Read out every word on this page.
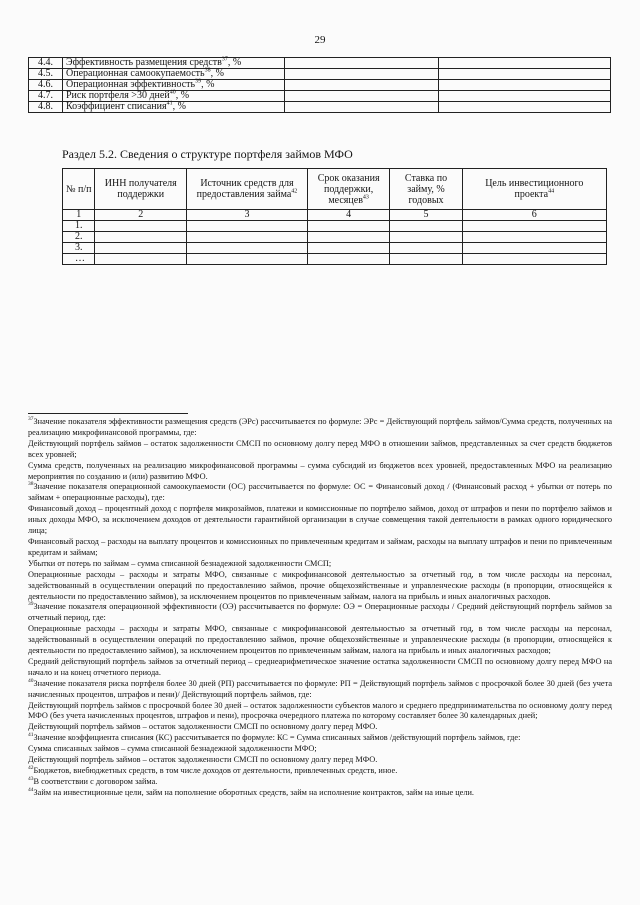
29
4.4.	Эффективность размещения средств$^{37}$, %		
4.5.	Операционная самоокупаемость$^{38}$, %		
4.6.	Операционная эффективность$^{39}$, %		
4.7.	Риск портфеля >30 дней$^{40}$, %		
4.8.	Коэффициент списания$^{41}$, %		
Раздел 5.2. Сведения о структуре портфеля займов МФО
№ п/п	ИНН получателя поддержки	Источник средств для предоставления займа$^{42}$	Срок оказания поддержки, месяцев$^{43}$	Ставка по займу, % годовых	Цель инвестиционного проекта$^{44}$
1	2	3	4	5	6
1.					
2.					
3.					
…					

$^{37}$Значение показателя эффективности размещения средств (ЭРс) рассчитывается по формуле: ЭРс = Действующий портфель займов/Сумма средств, полученных на реализацию микрофинансовой программы, где:

Действующий портфель займов – остаток задолженности СМСП по основному долгу перед МФО в отношении займов, представленных за счет средств бюджетов всех уровней;

Сумма средств, полученных на реализацию микрофинансовой программы – сумма субсидий из бюджетов всех уровней, предоставленных МФО на реализацию мероприятия по созданию и (или) развитию МФО.

$^{38}$Значение показателя операционной самоокупаемости (ОС) рассчитывается по формуле: ОС = Финансовый доход / (Финансовый расход + убытки от потерь по займам + операционные расходы), где:

Финансовый доход – процентный доход с портфеля микрозаймов, платежи и комиссионные по портфелю займов, доход от штрафов и пени по портфелю займов и иных доходы МФО, за исключением доходов от деятельности гарантийной организации в случае совмещения такой деятельности в рамках одного юридического лица;

Финансовый расход – расходы на выплату процентов и комиссионных по привлеченным кредитам и займам, расходы на выплату штрафов и пени по привлеченным кредитам и займам;

Убытки от потерь по займам – сумма списанной безнадежной задолженности СМСП;

Операционные расходы – расходы и затраты МФО, связанные с микрофинансовой деятельностью за отчетный год, в том числе расходы на персонал, задействованный в осуществлении операций по предоставлению займов, прочие общехозяйственные и управленческие расходы (в пропорции, относящейся к деятельности по предоставлению займов), за исключением процентов по привлеченным займам, налога на прибыль и иных аналогичных расходов.

$^{39}$Значение показателя операционной эффективности (ОЭ) рассчитывается по формуле: ОЭ = Операционные расходы / Средний действующий портфель займов за отчетный период, где:

Операционные расходы – расходы и затраты МФО, связанные с микрофинансовой деятельностью за отчетный год, в том числе расходы на персонал, задействованный в осуществлении операций по предоставлению займов, прочие общехозяйственные и управленческие расходы (в пропорции, относящейся к деятельности по предоставлению займов), за исключением процентов по привлеченным займам, налога на прибыль и иных аналогичных расходов;

Средний действующий портфель займов за отчетный период – среднеарифметическое значение остатка задолженности СМСП по основному долгу перед МФО на начало и на конец отчетного периода.

$^{40}$Значение показателя риска портфеля более 30 дней (РП) рассчитывается по формуле: РП = Действующий портфель займов с просрочкой более 30 дней (без учета начисленных процентов, штрафов и пени)/ Действующий портфель займов, где:

Действующий портфель займов с просрочкой более 30 дней – остаток задолженности субъектов малого и среднего предпринимательства по основному долгу перед МФО (без учета начисленных процентов, штрафов и пени), просрочка очередного платежа по которому составляет более 30 календарных дней;

Действующий портфель займов – остаток задолженности СМСП по основному долгу перед МФО.

$^{41}$Значение коэффициента списания (КС) рассчитывается по формуле: КС = Сумма списанных займов /действующий портфель займов, где:

Сумма списанных займов – сумма списанной безнадежной задолженности МФО;

Действующий портфель займов – остаток задолженности СМСП по основному долгу перед МФО.

$^{42}$Бюджетов, внебюджетных средств, в том числе доходов от деятельности, привлеченных средств, иное.

$^{43}$В соответствии с договором займа.

$^{44}$Займ на инвестиционные цели, займ на пополнение оборотных средств, займ на исполнение контрактов, займ на иные цели.
